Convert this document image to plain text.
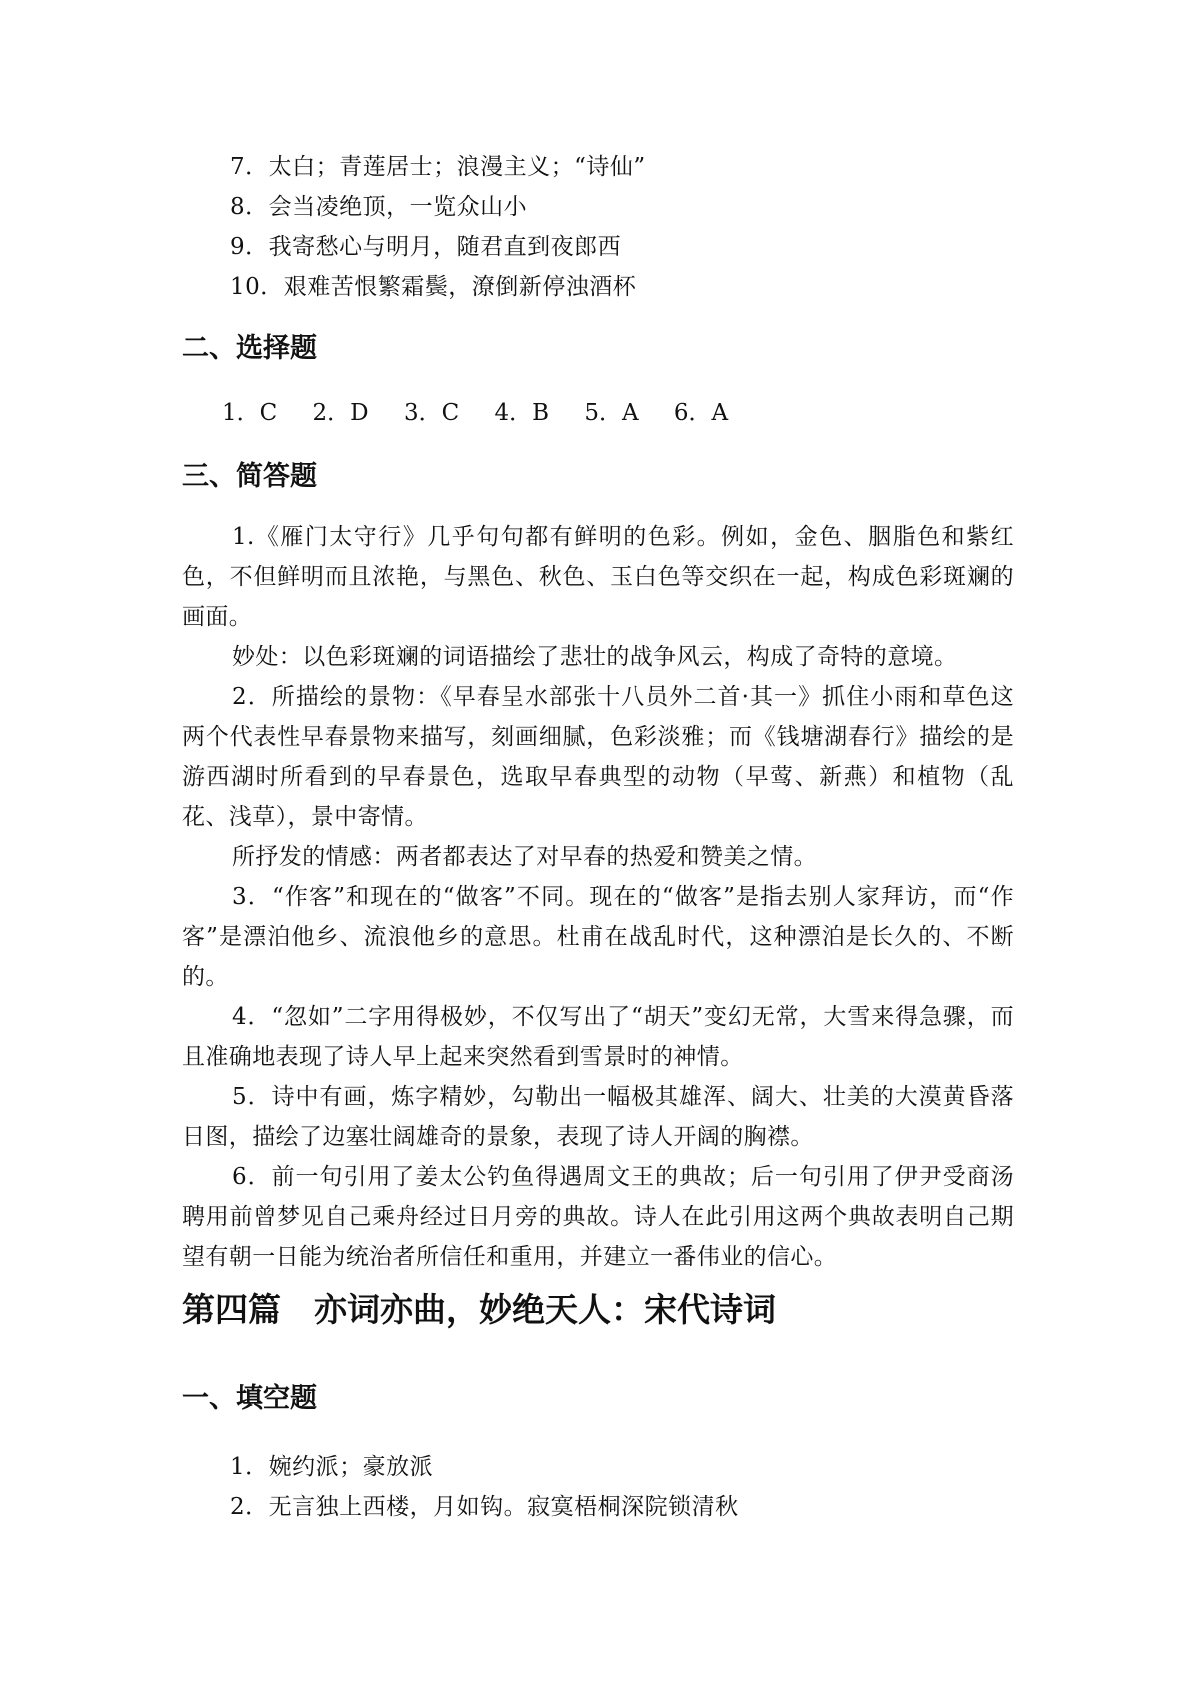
7．太白；青莲居士；浪漫主义；“诗仙”
8．会当凌绝顶，一览众山小
9．我寄愁心与明月，随君直到夜郎西
10．艰难苦恨繁霜鬓，潦倒新停浊酒杯
二、选择题
1．C 2．D 3．C 4．B 5．A 6．A
三、简答题

1.《雁门太守行》几乎句句都有鲜明的色彩。例如，金色、胭脂色和紫红色，不但鲜明而且浓艳，与黑色、秋色、玉白色等交织在一起，构成色彩斑斓的画面。

妙处：以色彩斑斓的词语描绘了悲壮的战争风云，构成了奇特的意境。

2．所描绘的景物：《早春呈水部张十八员外二首·其一》抓住小雨和草色这两个代表性早春景物来描写，刻画细腻，色彩淡雅；而《钱塘湖春行》描绘的是游西湖时所看到的早春景色，选取早春典型的动物（早莺、新燕）和植物（乱花、浅草），景中寄情。

所抒发的情感：两者都表达了对早春的热爱和赞美之情。

3．“作客”和现在的“做客”不同。现在的“做客”是指去别人家拜访，而“作客”是漂泊他乡、流浪他乡的意思。杜甫在战乱时代，这种漂泊是长久的、不断的。

4．“忽如”二字用得极妙，不仅写出了“胡天”变幻无常，大雪来得急骤，而且准确地表现了诗人早上起来突然看到雪景时的神情。

5．诗中有画，炼字精妙，勾勒出一幅极其雄浑、阔大、壮美的大漠黄昏落日图，描绘了边塞壮阔雄奇的景象，表现了诗人开阔的胸襟。

6．前一句引用了姜太公钓鱼得遇周文王的典故；后一句引用了伊尹受商汤聘用前曾梦见自己乘舟经过日月旁的典故。诗人在此引用这两个典故表明自己期望有朝一日能为统治者所信任和重用，并建立一番伟业的信心。

第四篇　亦词亦曲，妙绝天人：宋代诗词
一、填空题
1．婉约派；豪放派
2．无言独上西楼，月如钩。寂寞梧桐深院锁清秋
